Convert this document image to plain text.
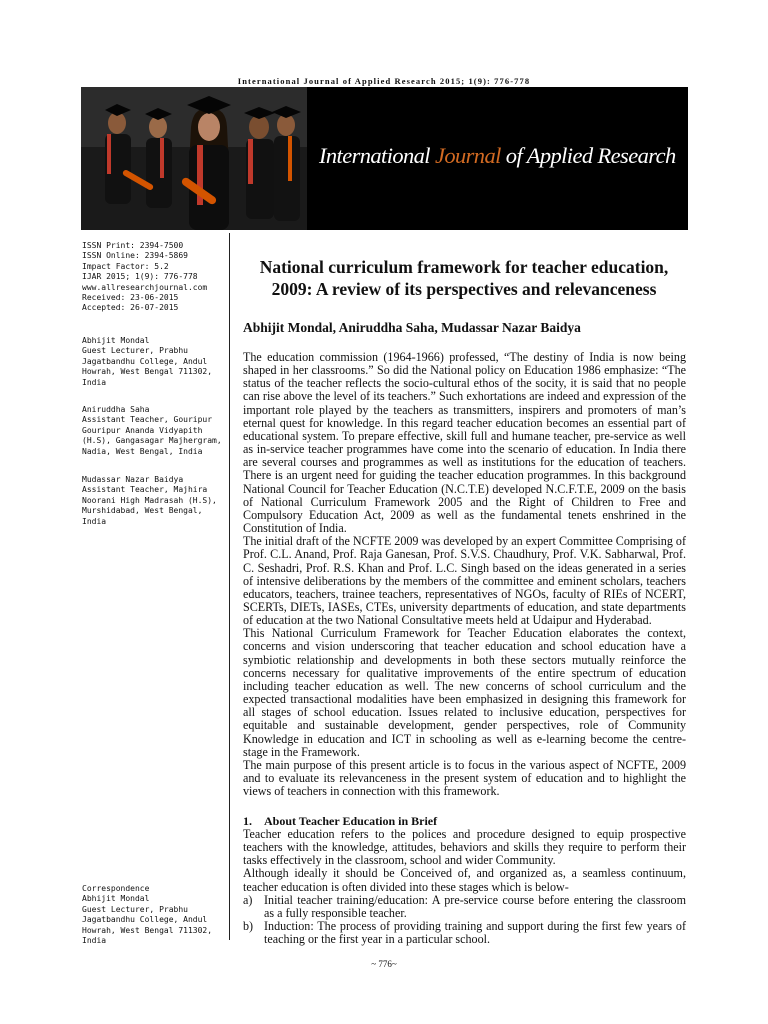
International Journal of Applied Research 2015; 1(9): 776-778
International Journal of Applied Research
ISSN Print: 2394-7500
ISSN Online: 2394-5869
Impact Factor: 5.2
IJAR 2015; 1(9): 776-778
www.allresearchjournal.com
Received: 23-06-2015
Accepted: 26-07-2015
Abhijit Mondal
Guest Lecturer, Prabhu
Jagatbandhu College, Andul
Howrah, West Bengal 711302,
India
Aniruddha Saha
Assistant Teacher, Gouripur
Gouripur Ananda Vidyapith
(H.S), Gangasagar Majhergram,
Nadia, West Bengal, India
Mudassar Nazar Baidya
Assistant Teacher, Majhira
Noorani High Madrasah (H.S),
Murshidabad, West Bengal,
India
Correspondence
Abhijit Mondal
Guest Lecturer, Prabhu
Jagatbandhu College, Andul
Howrah, West Bengal 711302,
India
National curriculum framework for teacher education,
2009: A review of its perspectives and relevanceness
Abhijit Mondal, Aniruddha Saha, Mudassar Nazar Baidya

The education commission (1964-1966) professed, “The destiny of India is now being shaped in her classrooms.” So did the National policy on Education 1986 emphasize: “The status of the teacher reflects the socio-cultural ethos of the socity, it is said that no people can rise above the level of its teachers.” Such exhortations are indeed and expression of the important role played by the teachers as transmitters, inspirers and promoters of man’s eternal quest for knowledge. In this regard teacher education becomes an essential part of educational system. To prepare effective, skill full and humane teacher, pre-service as well as in-service teacher programmes have come into the scenario of education. In India there are several courses and programmes as well as institutions for the education of teachers. There is an urgent need for guiding the teacher education programmes. In this background National Council for Teacher Education (N.C.T.E) developed N.C.F.T.E, 2009 on the basis of National Curriculum Framework 2005 and the Right of Children to Free and Compulsory Education Act, 2009 as well as the fundamental tenets enshrined in the Constitution of India.

The initial draft of the NCFTE 2009 was developed by an expert Committee Comprising of Prof. C.L. Anand, Prof. Raja Ganesan, Prof. S.V.S. Chaudhury, Prof. V.K. Sabharwal, Prof. C. Seshadri, Prof. R.S. Khan and Prof. L.C. Singh based on the ideas generated in a series of intensive deliberations by the members of the committee and eminent scholars, teachers educators, teachers, trainee teachers, representatives of NGOs, faculty of RIEs of NCERT, SCERTs, DIETs, IASEs, CTEs, university departments of education, and state departments of education at the two National Consultative meets held at Udaipur and Hyderabad.

This National Curriculum Framework for Teacher Education elaborates the context, concerns and vision underscoring that teacher education and school education have a symbiotic relationship and developments in both these sectors mutually reinforce the concerns necessary for qualitative improvements of the entire spectrum of education including teacher education as well. The new concerns of school curriculum and the expected transactional modalities have been emphasized in designing this framework for all stages of school education. Issues related to inclusive education, perspectives for equitable and sustainable development, gender perspectives, role of Community Knowledge in education and ICT in schooling as well as e-learning become the centre-stage in the Framework.

The main purpose of this present article is to focus in the various aspect of NCFTE, 2009 and to evaluate its relevanceness in the present system of education and to highlight the views of teachers in connection with this framework.

1. About Teacher Education in Brief

Teacher education refers to the polices and procedure designed to equip prospective teachers with the knowledge, attitudes, behaviors and skills they require to perform their tasks effectively in the classroom, school and wider Community.

Although ideally it should be Conceived of, and organized as, a seamless continuum, teacher education is often divided into these stages which is below-

a) Initial teacher training/education: A pre-service course before entering the classroom as a fully responsible teacher.
b) Induction: The process of providing training and support during the first few years of teaching or the first year in a particular school.
~ 776~
